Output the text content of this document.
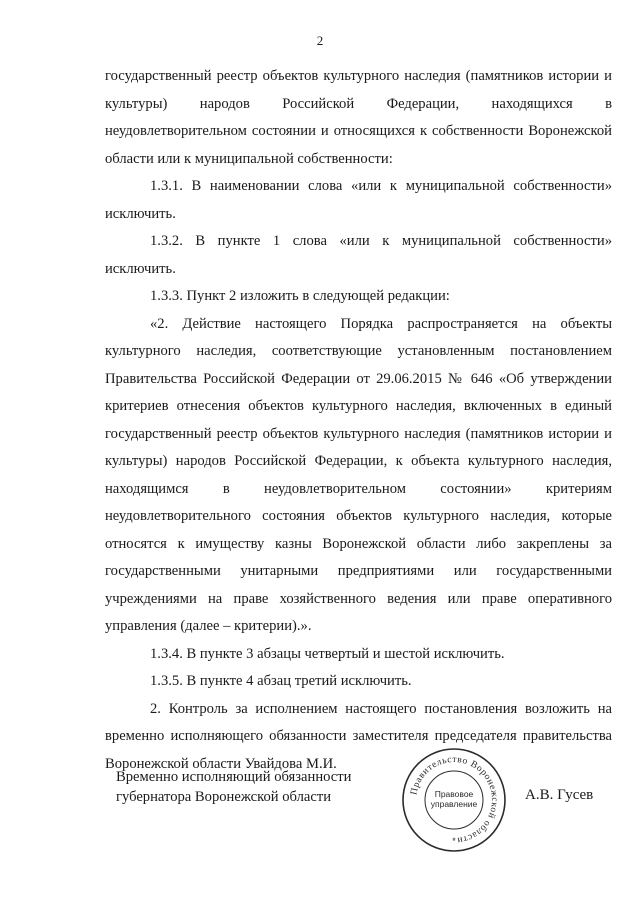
2

государственный реестр объектов культурного наследия (памятников истории и культуры) народов Российской Федерации, находящихся в неудовлетворительном состоянии и относящихся к собственности Воронежской области или к муниципальной собственности:

1.3.1. В наименовании слова «или к муниципальной собственности» исключить.

1.3.2. В пункте 1 слова «или к муниципальной собственности» исключить.

1.3.3. Пункт 2 изложить в следующей редакции:

«2. Действие настоящего Порядка распространяется на объекты культурного наследия, соответствующие установленным постановлением Правительства Российской Федерации от 29.06.2015 № 646 «Об утверждении критериев отнесения объектов культурного наследия, включенных в единый государственный реестр объектов культурного наследия (памятников истории и культуры) народов Российской Федерации, к объекта культурного наследия, находящимся в неудовлетворительном состоянии» критериям неудовлетворительного состояния объектов культурного наследия, которые относятся к имуществу казны Воронежской области либо закреплены за государственными унитарными предприятиями или государственными учреждениями на праве хозяйственного ведения или праве оперативного управления (далее – критерии).».

1.3.4. В пункте 3 абзацы четвертый и шестой исключить.

1.3.5. В пункте 4 абзац третий исключить.

2. Контроль за исполнением настоящего постановления возложить на временно исполняющего обязанности заместителя председателя правительства Воронежской области Увайдова М.И.

Временно исполняющий обязанности
губернатора Воронежской области	Правительство Воронежской области
Правовое
управление
*
А.В. Гусев
